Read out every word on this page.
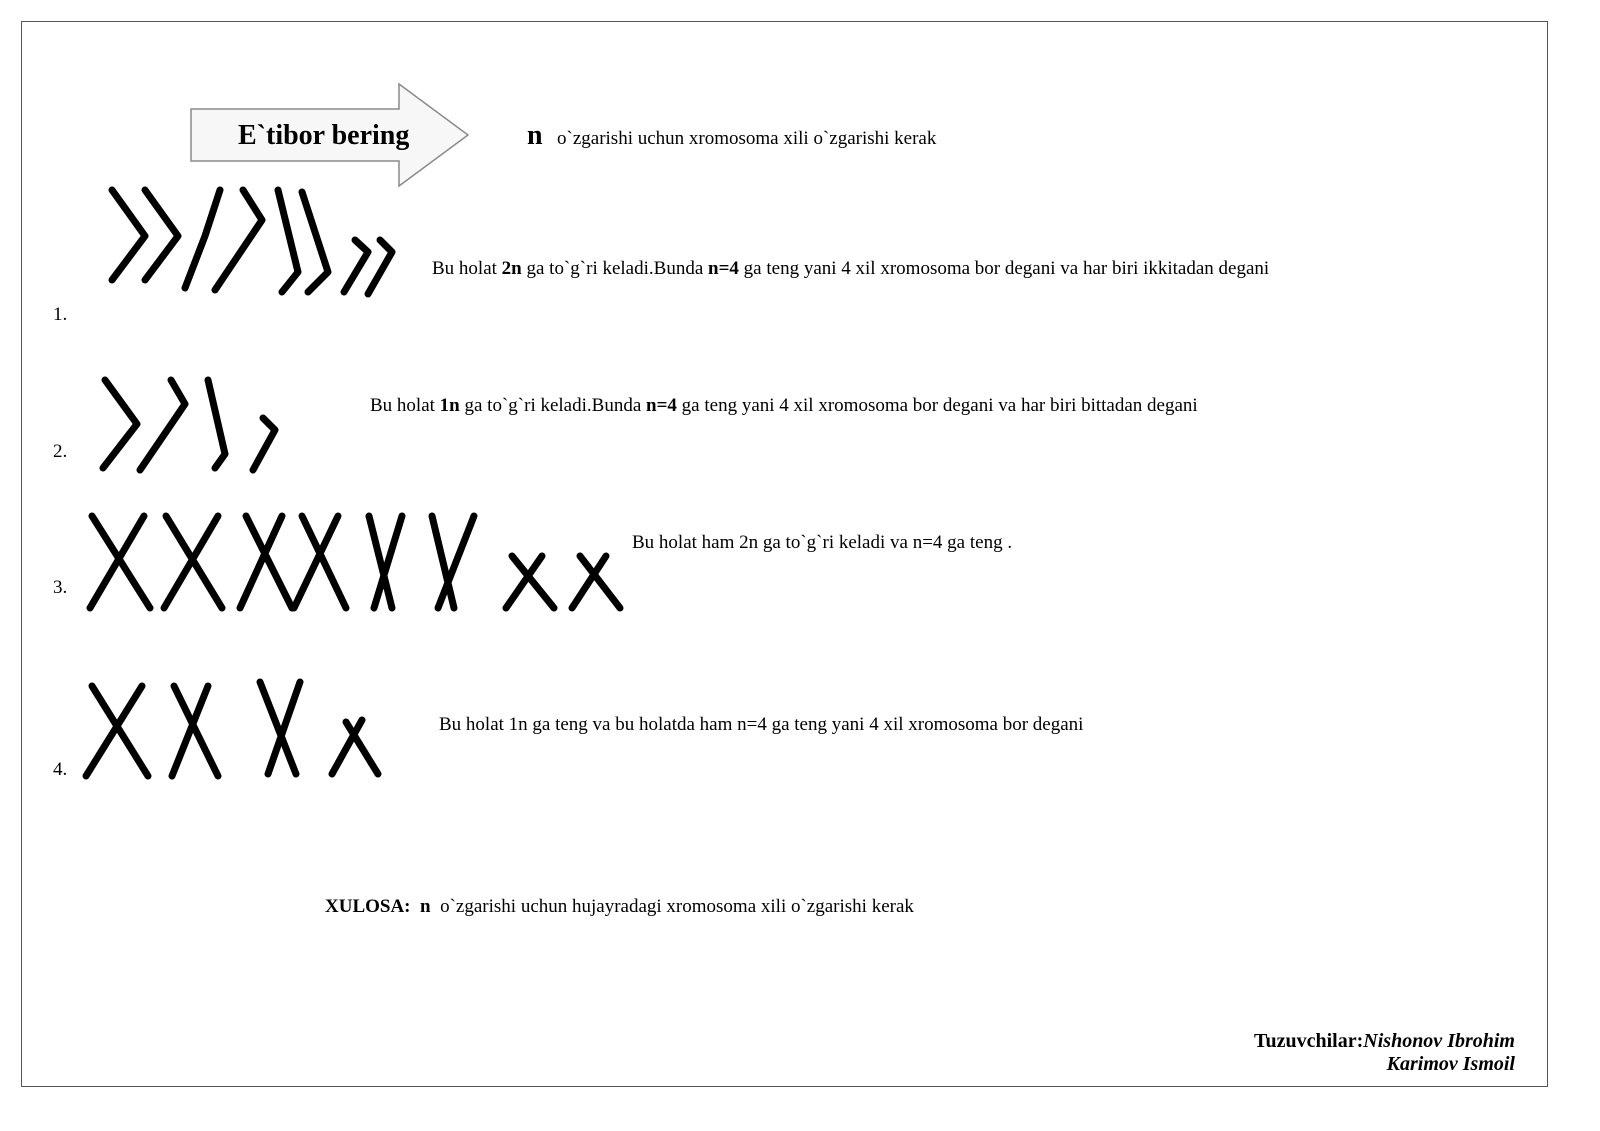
E`tibor bering	n o`zgarishi uchun xromosoma xili o`zgarishi kerak
1.
Bu holat 2n ga to`g`ri keladi.Bunda n=4 ga teng yani 4 xil xromosoma bor degani va har biri ikkitadan degani
2.
Bu holat 1n ga to`g`ri keladi.Bunda n=4 ga teng yani 4 xil xromosoma bor degani va har biri bittadan degani
3.
Bu holat ham 2n ga to`g`ri keladi va n=4 ga teng .
4.
Bu holat 1n ga teng va bu holatda ham n=4 ga teng yani 4 xil xromosoma bor degani
XULOSA: n o`zgarishi uchun hujayradagi xromosoma xili o`zgarishi kerak
Tuzuvchilar:Nishonov Ibrohim
Karimov Ismoil
